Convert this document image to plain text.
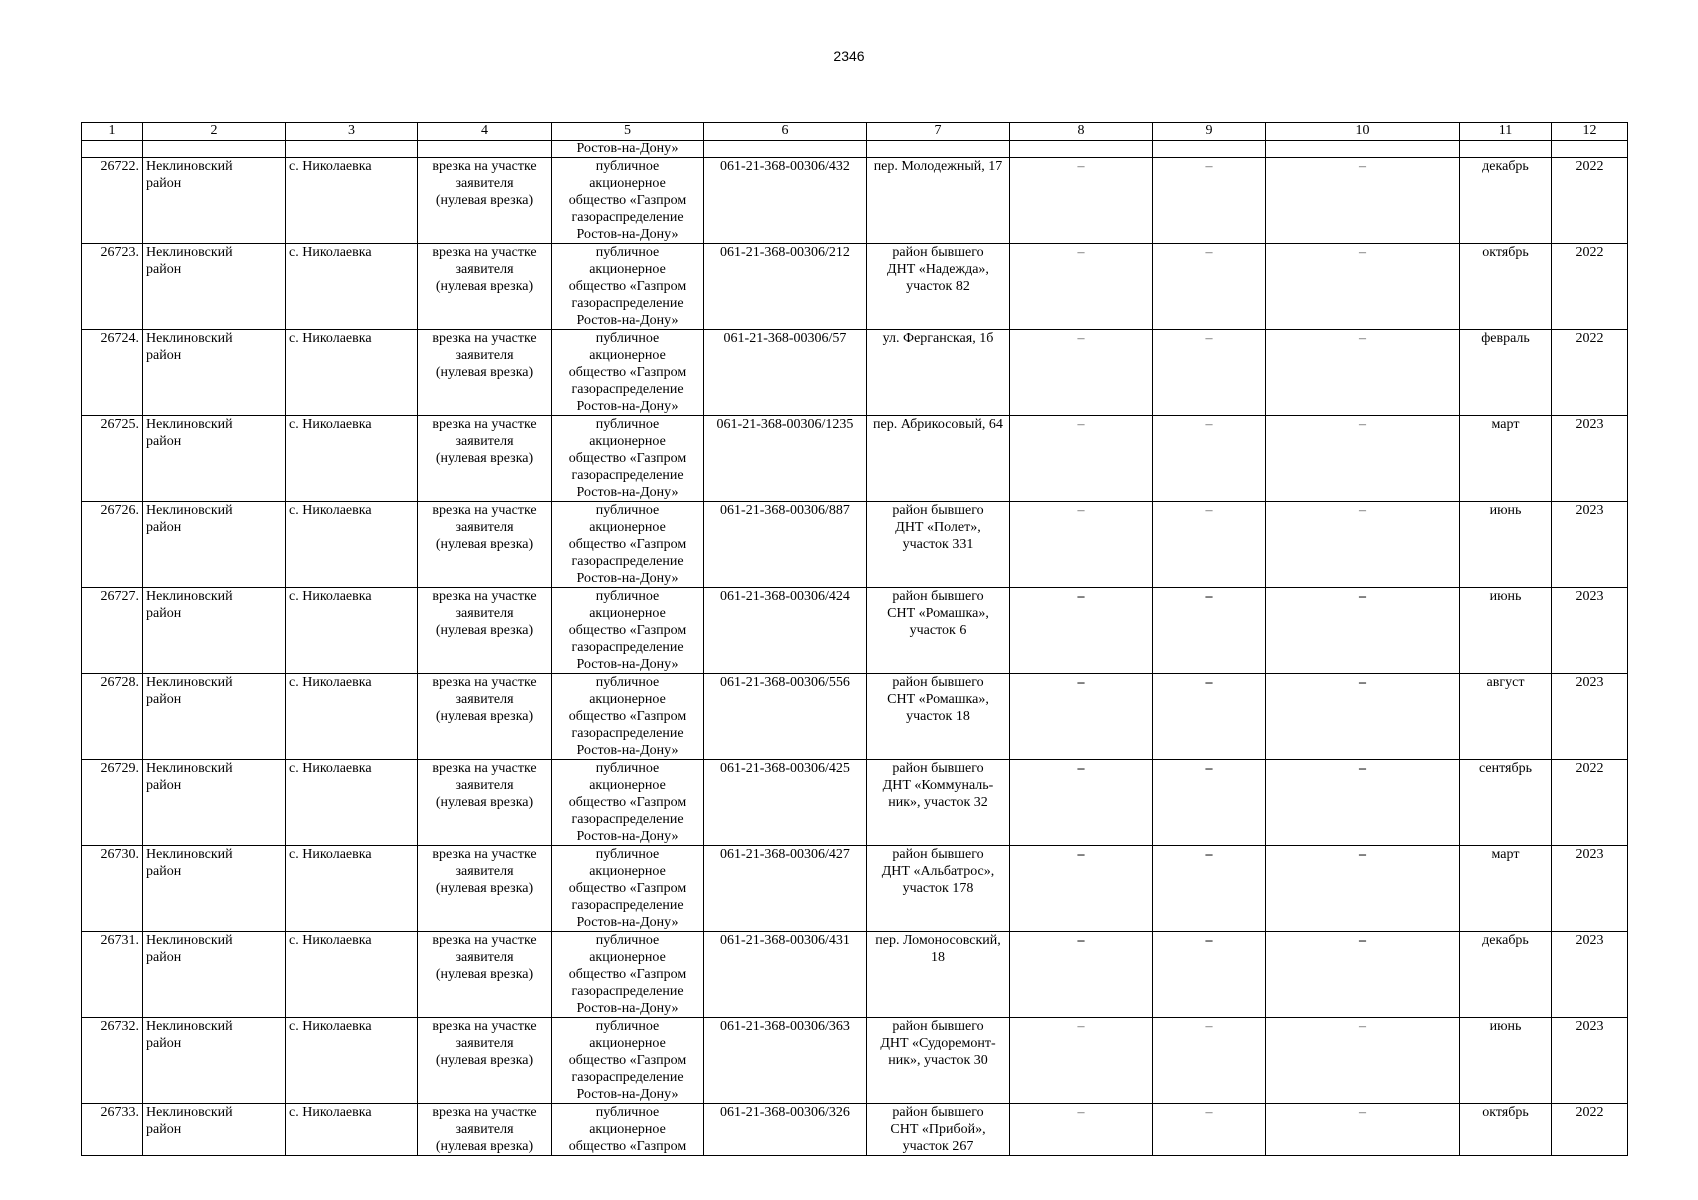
2346
1	2	3	4	5	6	7	8	9	10	11	12
				Ростов-на-Дону»							
26722.	Неклиновский
район	с. Николаевка	врезка на участке
заявителя
(нулевая врезка)	публичное
акционерное
общество «Газпром
газораспределение
Ростов-на-Дону»	061-21-368-00306/432	пер. Молодежный, 17	–	–	–	декабрь	2022
26723.	Неклиновский
район	с. Николаевка	врезка на участке
заявителя
(нулевая врезка)	публичное
акционерное
общество «Газпром
газораспределение
Ростов-на-Дону»	061-21-368-00306/212	район бывшего
ДНТ «Надежда»,
участок 82	–	–	–	октябрь	2022
26724.	Неклиновский
район	с. Николаевка	врезка на участке
заявителя
(нулевая врезка)	публичное
акционерное
общество «Газпром
газораспределение
Ростов-на-Дону»	061-21-368-00306/57	ул. Ферганская, 1б	–	–	–	февраль	2022
26725.	Неклиновский
район	с. Николаевка	врезка на участке
заявителя
(нулевая врезка)	публичное
акционерное
общество «Газпром
газораспределение
Ростов-на-Дону»	061-21-368-00306/1235	пер. Абрикосовый, 64	–	–	–	март	2023
26726.	Неклиновский
район	с. Николаевка	врезка на участке
заявителя
(нулевая врезка)	публичное
акционерное
общество «Газпром
газораспределение
Ростов-на-Дону»	061-21-368-00306/887	район бывшего
ДНТ «Полет»,
участок 331	–	–	–	июнь	2023
26727.	Неклиновский
район	с. Николаевка	врезка на участке
заявителя
(нулевая врезка)	публичное
акционерное
общество «Газпром
газораспределение
Ростов-на-Дону»	061-21-368-00306/424	район бывшего
СНТ «Ромашка»,
участок 6	–	–	–	июнь	2023
26728.	Неклиновский
район	с. Николаевка	врезка на участке
заявителя
(нулевая врезка)	публичное
акционерное
общество «Газпром
газораспределение
Ростов-на-Дону»	061-21-368-00306/556	район бывшего
СНТ «Ромашка»,
участок 18	–	–	–	август	2023
26729.	Неклиновский
район	с. Николаевка	врезка на участке
заявителя
(нулевая врезка)	публичное
акционерное
общество «Газпром
газораспределение
Ростов-на-Дону»	061-21-368-00306/425	район бывшего
ДНТ «Коммуналь-
ник», участок 32	–	–	–	сентябрь	2022
26730.	Неклиновский
район	с. Николаевка	врезка на участке
заявителя
(нулевая врезка)	публичное
акционерное
общество «Газпром
газораспределение
Ростов-на-Дону»	061-21-368-00306/427	район бывшего
ДНТ «Альбатрос»,
участок 178	–	–	–	март	2023
26731.	Неклиновский
район	с. Николаевка	врезка на участке
заявителя
(нулевая врезка)	публичное
акционерное
общество «Газпром
газораспределение
Ростов-на-Дону»	061-21-368-00306/431	пер. Ломоносовский,
18	–	–	–	декабрь	2023
26732.	Неклиновский
район	с. Николаевка	врезка на участке
заявителя
(нулевая врезка)	публичное
акционерное
общество «Газпром
газораспределение
Ростов-на-Дону»	061-21-368-00306/363	район бывшего
ДНТ «Судоремонт-
ник», участок 30	–	–	–	июнь	2023
26733.	Неклиновский
район	с. Николаевка	врезка на участке
заявителя
(нулевая врезка)	публичное
акционерное
общество «Газпром	061-21-368-00306/326	район бывшего
СНТ «Прибой»,
участок 267	–	–	–	октябрь	2022
